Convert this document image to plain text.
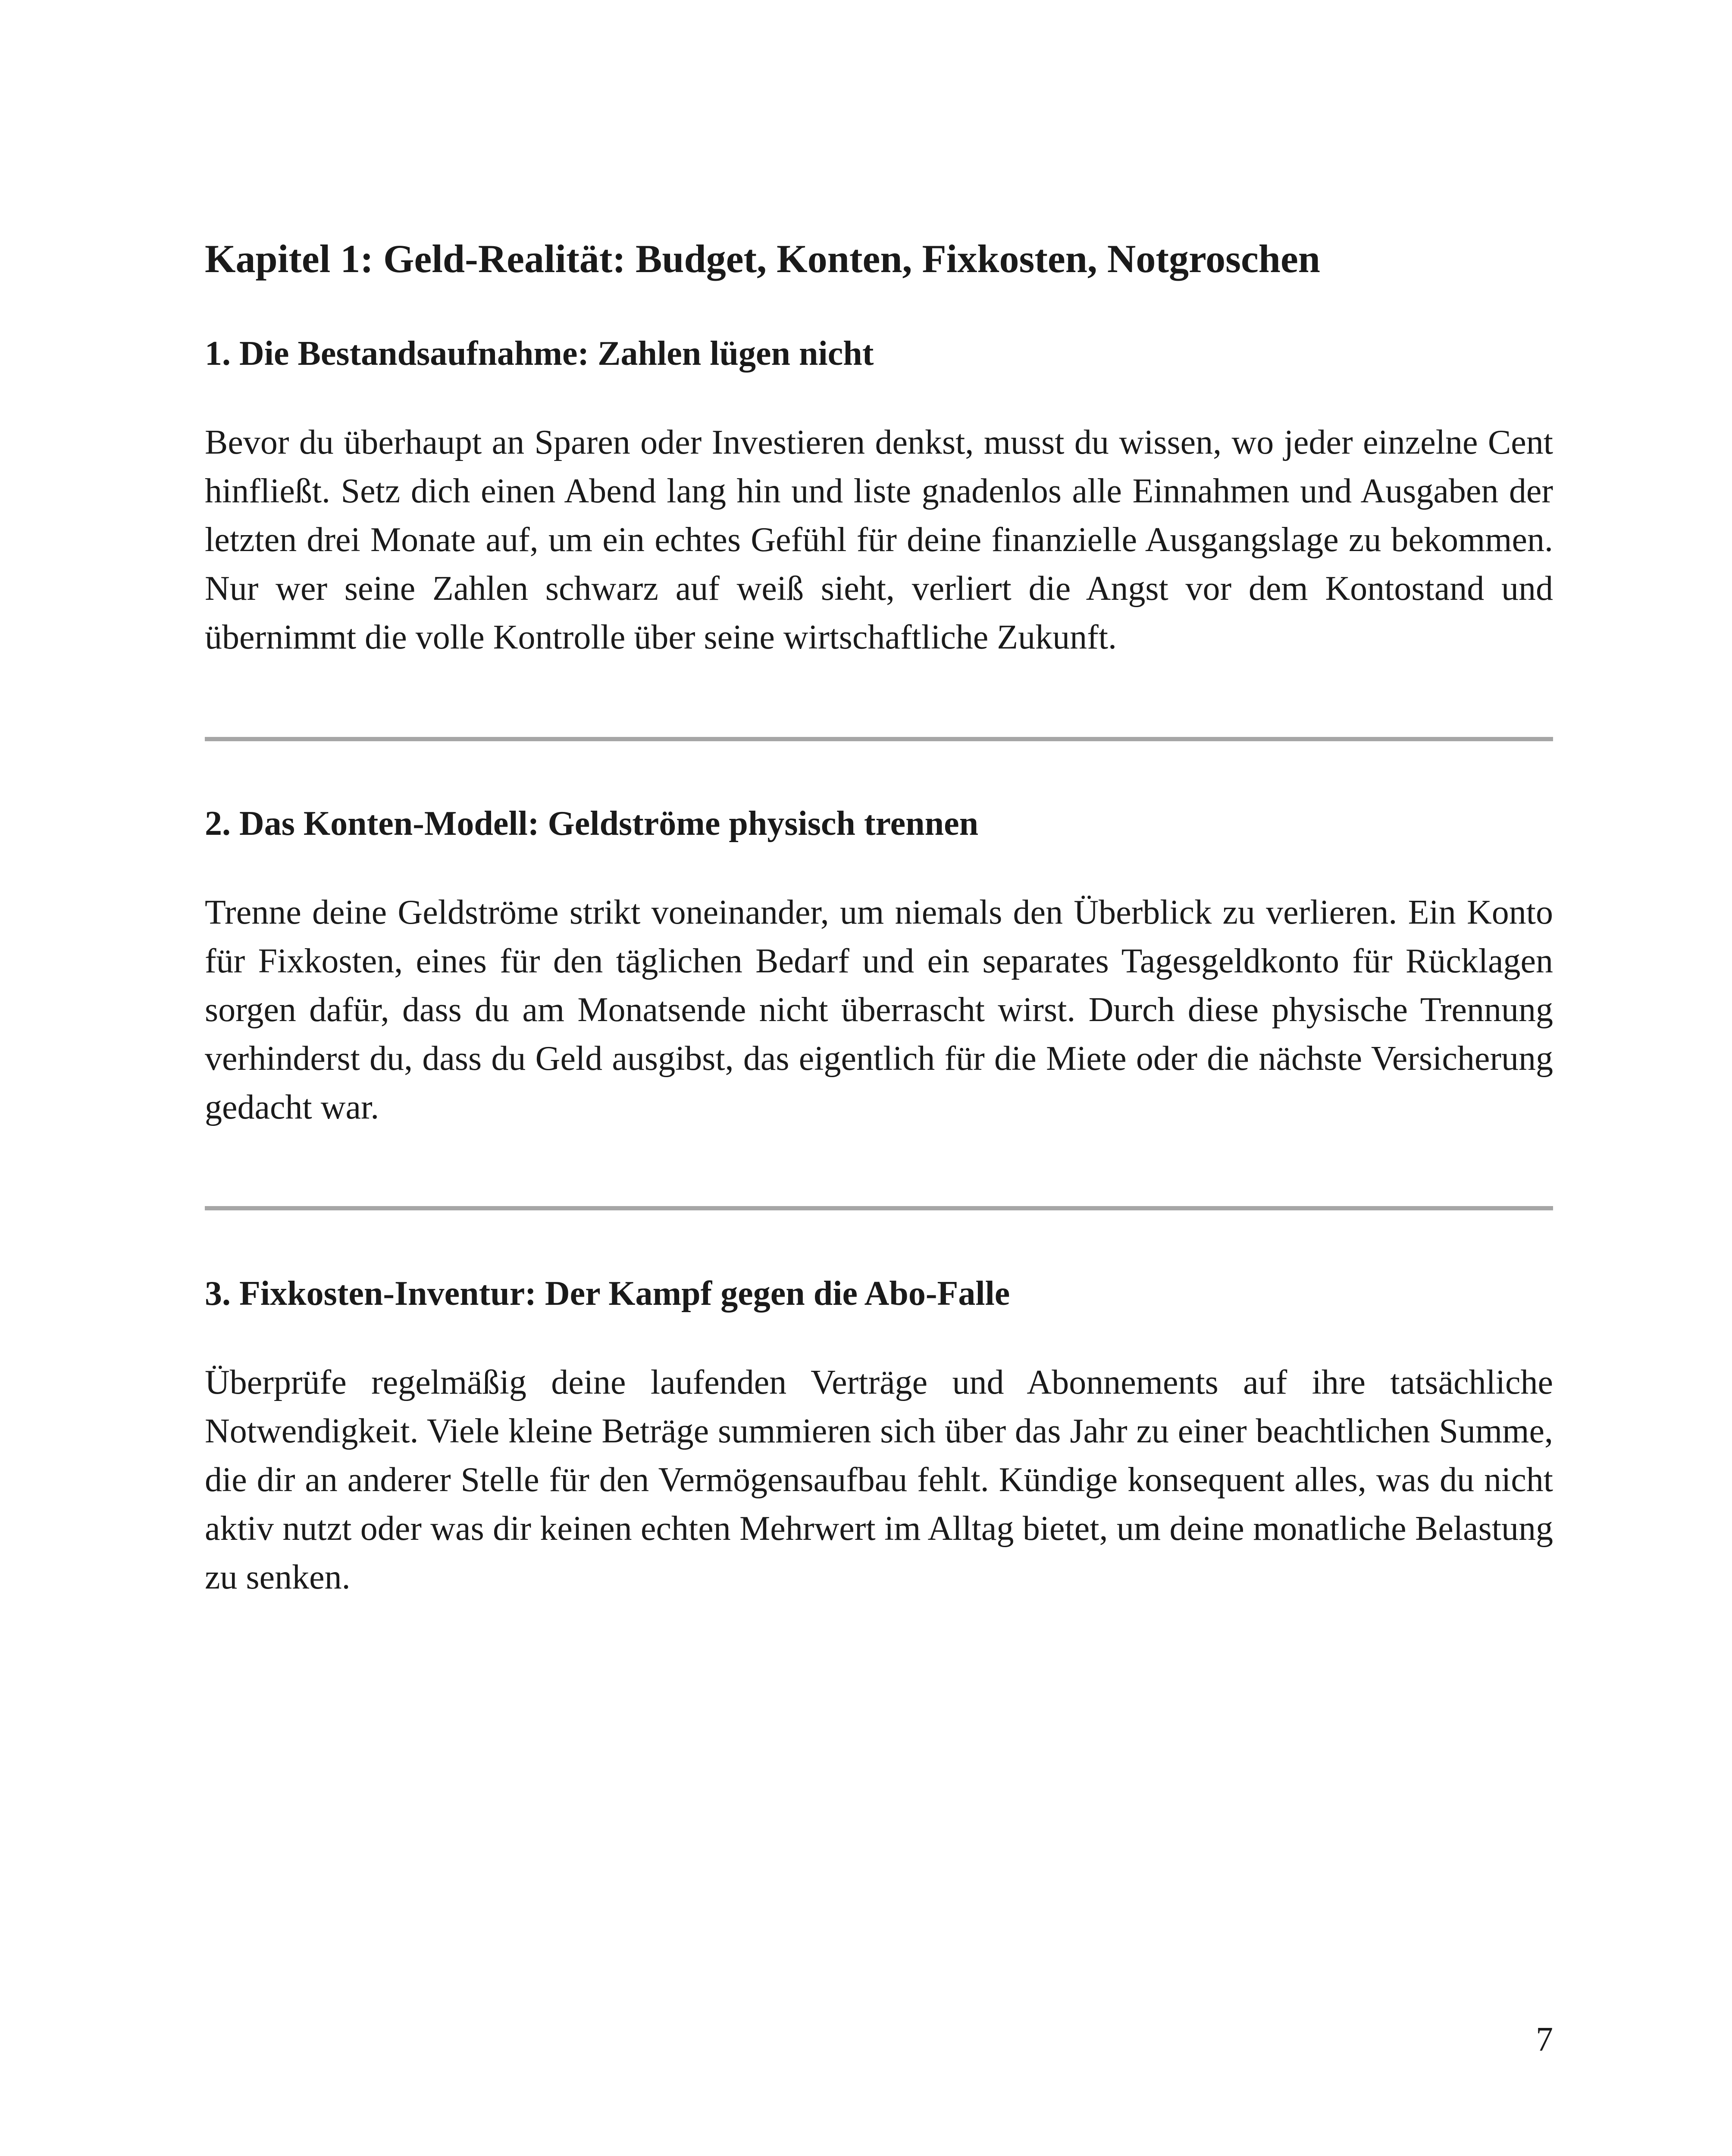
Kapitel 1: Geld-Realität: Budget, Konten, Fixkosten, Notgroschen
1. Die Bestandsaufnahme: Zahlen lügen nicht

Bevor du überhaupt an Sparen oder Investieren denkst, musst du wissen, wo jeder einzelne Cent hinfließt. Setz dich einen Abend lang hin und liste gnadenlos alle Einnahmen und Ausgaben der letzten drei Monate auf, um ein echtes Gefühl für deine finanzielle Ausgangslage zu bekommen. Nur wer seine Zahlen schwarz auf weiß sieht, verliert die Angst vor dem Kontostand und übernimmt die volle Kontrolle über seine wirtschaftliche Zukunft.

2. Das Konten-Modell: Geldströme physisch trennen

Trenne deine Geldströme strikt voneinander, um niemals den Überblick zu verlieren. Ein Konto für Fixkosten, eines für den täglichen Bedarf und ein separates Tagesgeldkonto für Rücklagen sorgen dafür, dass du am Monatsende nicht überrascht wirst. Durch diese physische Trennung verhinderst du, dass du Geld ausgibst, das eigentlich für die Miete oder die nächste Versicherung gedacht war.

3. Fixkosten-Inventur: Der Kampf gegen die Abo-Falle

Überprüfe regelmäßig deine laufenden Verträge und Abonnements auf ihre tatsächliche Notwendigkeit. Viele kleine Beträge summieren sich über das Jahr zu einer beachtlichen Summe, die dir an anderer Stelle für den Vermögensaufbau fehlt. Kündige konsequent alles, was du nicht aktiv nutzt oder was dir keinen echten Mehrwert im Alltag bietet, um deine monatliche Belastung zu senken.

7
